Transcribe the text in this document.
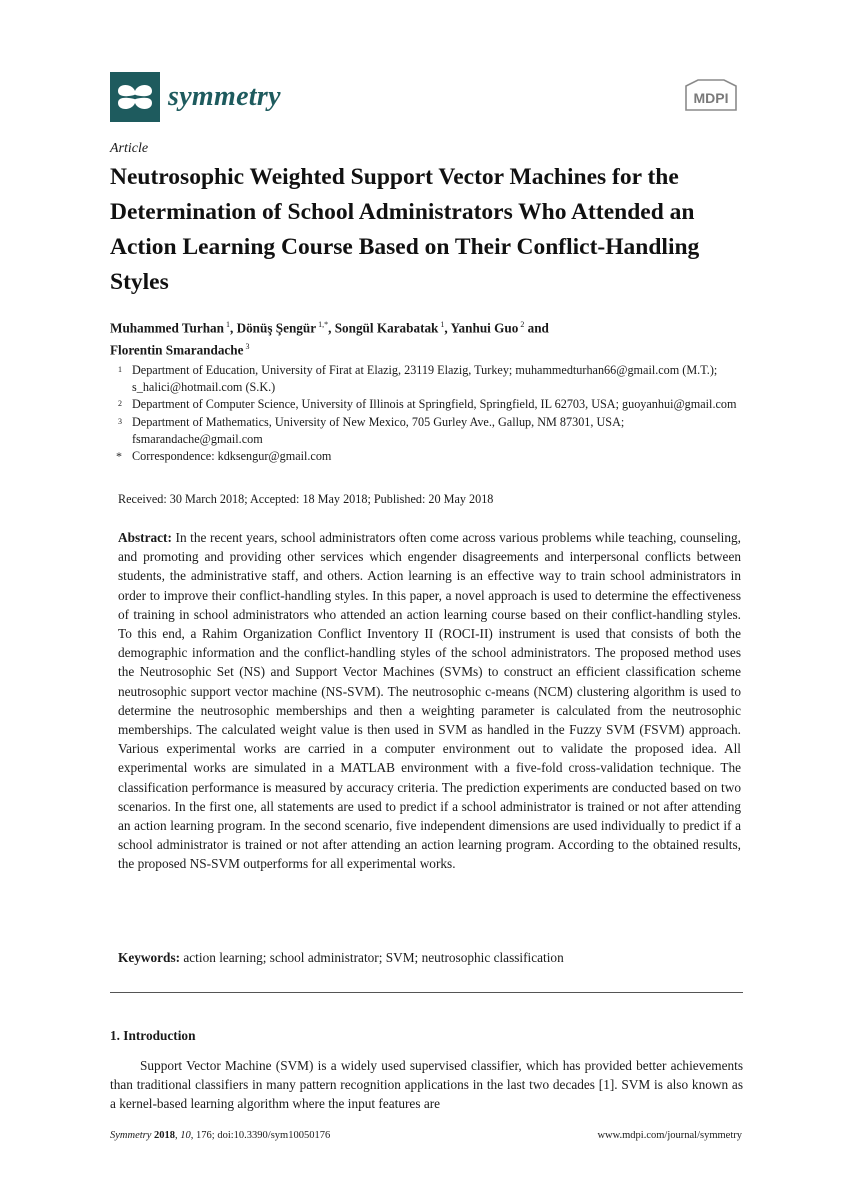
symmetry	MDPI
Article
Neutrosophic Weighted Support Vector Machines for the Determination of School Administrators Who Attended an Action Learning Course Based on Their Conflict-Handling Styles
Muhammed Turhan $^1$, Dönüş Şengür $^{1,*}$, Songül Karabatak $^1$, Yanhui Guo $^2$ and
Florentin Smarandache $^3$
1 Department of Education, University of Firat at Elazig, 23119 Elazig, Turkey; muhammedturhan66@gmail.com (M.T.); s_halici@hotmail.com (S.K.)
2 Department of Computer Science, University of Illinois at Springfield, Springfield, IL 62703, USA; guoyanhui@gmail.com
3 Department of Mathematics, University of New Mexico, 705 Gurley Ave., Gallup, NM 87301, USA; fsmarandache@gmail.com
* Correspondence: kdksengur@gmail.com
Received: 30 March 2018; Accepted: 18 May 2018; Published: 20 May 2018
Abstract: In the recent years, school administrators often come across various problems while teaching, counseling, and promoting and providing other services which engender disagreements and interpersonal conflicts between students, the administrative staff, and others. Action learning is an effective way to train school administrators in order to improve their conflict-handling styles. In this paper, a novel approach is used to determine the effectiveness of training in school administrators who attended an action learning course based on their conflict-handling styles. To this end, a Rahim Organization Conflict Inventory II (ROCI-II) instrument is used that consists of both the demographic information and the conflict-handling styles of the school administrators. The proposed method uses the Neutrosophic Set (NS) and Support Vector Machines (SVMs) to construct an efficient classification scheme neutrosophic support vector machine (NS-SVM). The neutrosophic c-means (NCM) clustering algorithm is used to determine the neutrosophic memberships and then a weighting parameter is calculated from the neutrosophic memberships. The calculated weight value is then used in SVM as handled in the Fuzzy SVM (FSVM) approach. Various experimental works are carried in a computer environment out to validate the proposed idea. All experimental works are simulated in a MATLAB environment with a five-fold cross-validation technique. The classification performance is measured by accuracy criteria. The prediction experiments are conducted based on two scenarios. In the first one, all statements are used to predict if a school administrator is trained or not after attending an action learning program. In the second scenario, five independent dimensions are used individually to predict if a school administrator is trained or not after attending an action learning program. According to the obtained results, the proposed NS-SVM outperforms for all experimental works.
Keywords: action learning; school administrator; SVM; neutrosophic classification
1. Introduction
Support Vector Machine (SVM) is a widely used supervised classifier, which has provided better achievements than traditional classifiers in many pattern recognition applications in the last two decades [1]. SVM is also known as a kernel-based learning algorithm where the input features are
Symmetry 2018, 10, 176; doi:10.3390/sym10050176	www.mdpi.com/journal/symmetry
